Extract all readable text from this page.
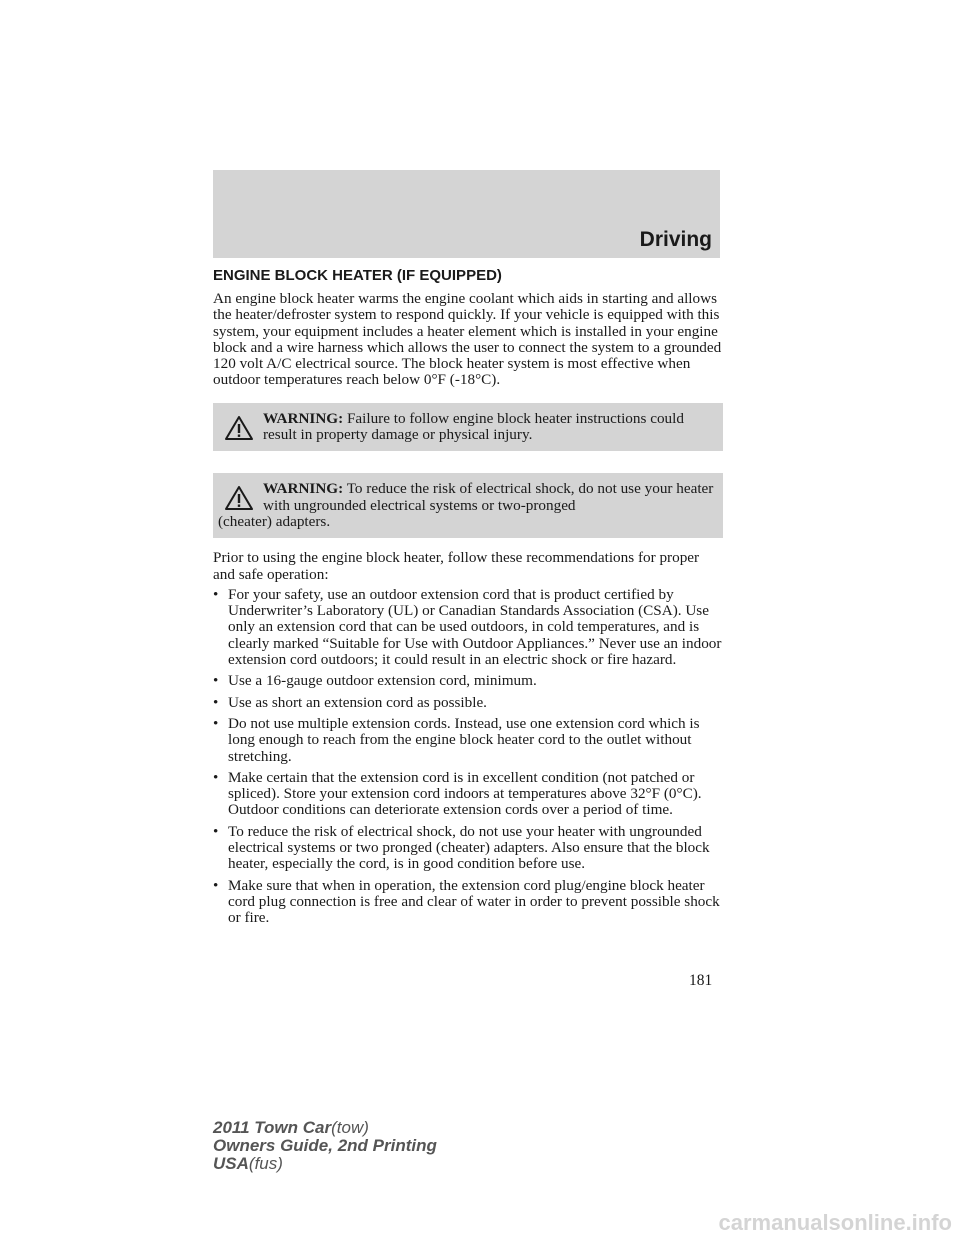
Driving

ENGINE BLOCK HEATER (IF EQUIPPED)

An engine block heater warms the engine coolant which aids in starting and allows the heater/defroster system to respond quickly. If your vehicle is equipped with this system, your equipment includes a heater element which is installed in your engine block and a wire harness which allows the user to connect the system to a grounded 120 volt A/C electrical source. The block heater system is most effective when outdoor temperatures reach below 0°F (-18°C).

WARNING: Failure to follow engine block heater instructions could result in property damage or physical injury.
WARNING: To reduce the risk of electrical shock, do not use your heater with ungrounded electrical systems or two-pronged
(cheater) adapters.

Prior to using the engine block heater, follow these recommendations for proper and safe operation:

• For your safety, use an outdoor extension cord that is product certified by Underwriter’s Laboratory (UL) or Canadian Standards Association (CSA). Use only an extension cord that can be used outdoors, in cold temperatures, and is clearly marked “Suitable for Use with Outdoor Appliances.” Never use an indoor extension cord outdoors; it could result in an electric shock or fire hazard.
• Use a 16-gauge outdoor extension cord, minimum.
• Use as short an extension cord as possible.
• Do not use multiple extension cords. Instead, use one extension cord which is long enough to reach from the engine block heater cord to the outlet without stretching.
• Make certain that the extension cord is in excellent condition (not patched or spliced). Store your extension cord indoors at temperatures above 32°F (0°C). Outdoor conditions can deteriorate extension cords over a period of time.
• To reduce the risk of electrical shock, do not use your heater with ungrounded electrical systems or two pronged (cheater) adapters. Also ensure that the block heater, especially the cord, is in good condition before use.
• Make sure that when in operation, the extension cord plug/engine block heater cord plug connection is free and clear of water in order to prevent possible shock or fire.
181
2011 Town Car(tow)
Owners Guide, 2nd Printing
USA(fus)
carmanualsonline.info
